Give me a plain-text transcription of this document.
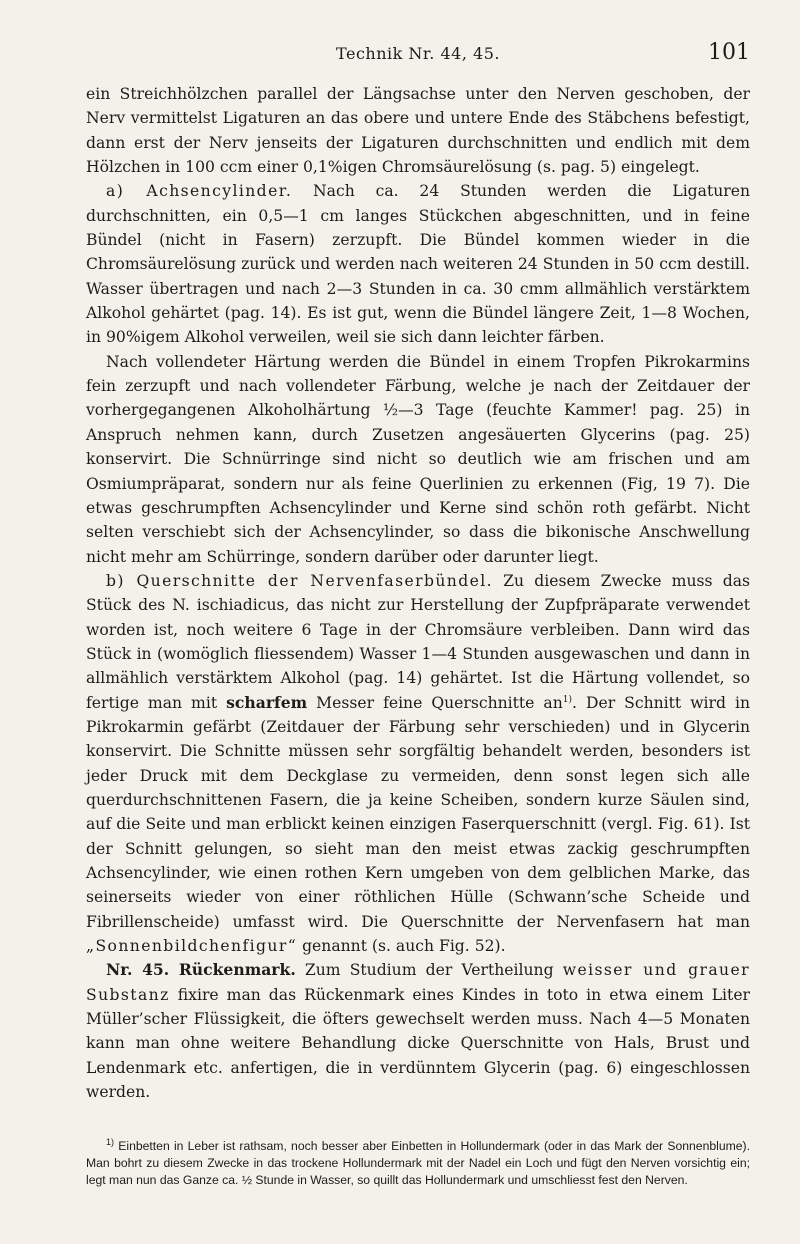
Technik Nr. 44, 45.	101

ein Streichhölzchen parallel der Längsachse unter den Nerven geschoben, der Nerv vermittelst Ligaturen an das obere und untere Ende des Stäbchens befestigt, dann erst der Nerv jenseits der Ligaturen durchschnitten und endlich mit dem Hölzchen in 100 ccm einer 0,1%igen Chromsäurelösung (s. pag. 5) eingelegt.

a) Achsencylinder. Nach ca. 24 Stunden werden die Ligaturen durchschnitten, ein 0,5—1 cm langes Stückchen abgeschnitten, und in feine Bündel (nicht in Fasern) zerzupft. Die Bündel kommen wieder in die Chromsäurelösung zurück und werden nach weiteren 24 Stunden in 50 ccm destill. Wasser übertragen und nach 2—3 Stunden in ca. 30 cmm allmählich verstärktem Alkohol gehärtet (pag. 14). Es ist gut, wenn die Bündel längere Zeit, 1—8 Wochen, in 90%igem Alkohol verweilen, weil sie sich dann leichter färben.

Nach vollendeter Härtung werden die Bündel in einem Tropfen Pikrokarmins fein zerzupft und nach vollendeter Färbung, welche je nach der Zeitdauer der vorhergegangenen Alkoholhärtung ½—3 Tage (feuchte Kammer! pag. 25) in Anspruch nehmen kann, durch Zusetzen angesäuerten Glycerins (pag. 25) konservirt. Die Schnürringe sind nicht so deutlich wie am frischen und am Osmiumpräparat, sondern nur als feine Querlinien zu erkennen (Fig, 19 7). Die etwas geschrumpften Achsencylinder und Kerne sind schön roth gefärbt. Nicht selten verschiebt sich der Achsencylinder, so dass die bikonische Anschwellung nicht mehr am Schürringe, sondern darüber oder darunter liegt.

b) Querschnitte der Nervenfaserbündel. Zu diesem Zwecke muss das Stück des N. ischiadicus, das nicht zur Herstellung der Zupfpräparate verwendet worden ist, noch weitere 6 Tage in der Chromsäure verbleiben. Dann wird das Stück in (womöglich fliessendem) Wasser 1—4 Stunden ausgewaschen und dann in allmählich verstärktem Alkohol (pag. 14) gehärtet. Ist die Härtung vollendet, so fertige man mit scharfem Messer feine Querschnitte $an^{1)}$. Der Schnitt wird in Pikrokarmin gefärbt (Zeitdauer der Färbung sehr verschieden) und in Glycerin konservirt. Die Schnitte müssen sehr sorgfältig behandelt werden, besonders ist jeder Druck mit dem Deckglase zu vermeiden, denn sonst legen sich alle querdurchschnittenen Fasern, die ja keine Scheiben, sondern kurze Säulen sind, auf die Seite und man erblickt keinen einzigen Faserquerschnitt (vergl. Fig. 61). Ist der Schnitt gelungen, so sieht man den meist etwas zackig geschrumpften Achsencylinder, wie einen rothen Kern umgeben von dem gelblichen Marke, das seinerseits wieder von einer röthlichen Hülle (Schwann’sche Scheide und Fibrillenscheide) umfasst wird. Die Querschnitte der Nervenfasern hat man „Sonnenbildchenfigur“ genannt (s. auch Fig. 52).

Nr. 45. Rückenmark. Zum Studium der Vertheilung weisser und grauer Substanz fixire man das Rückenmark eines Kindes in toto in etwa einem Liter Müller’scher Flüssigkeit, die öfters gewechselt werden muss. Nach 4—5 Monaten kann man ohne weitere Behandlung dicke Querschnitte von Hals, Brust und Lendenmark etc. anfertigen, die in verdünntem Glycerin (pag. 6) eingeschlossen werden.

$^{1)}$ Einbetten in Leber ist rathsam, noch besser aber Einbetten in Hollundermark (oder in das Mark der Sonnenblume). Man bohrt zu diesem Zwecke in das trockene Hollundermark mit der Nadel ein Loch und fügt den Nerven vorsichtig ein; legt man nun das Ganze ca. ½ Stunde in Wasser, so quillt das Hollundermark und umschliesst fest den Nerven.
